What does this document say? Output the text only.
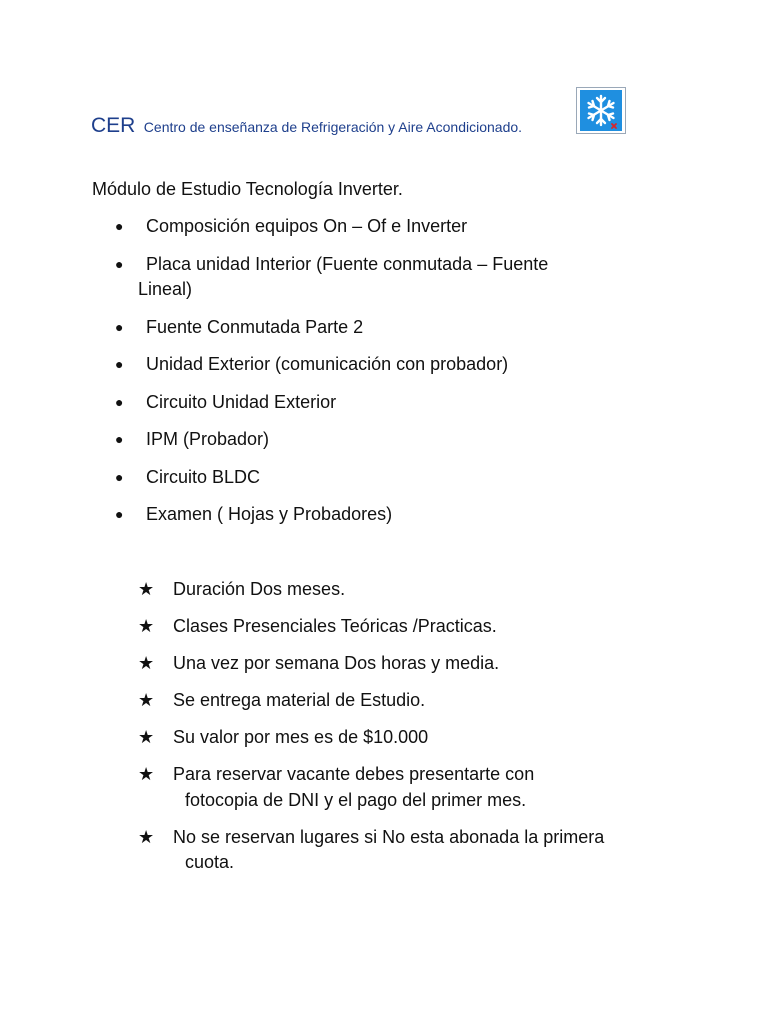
CER Centro de enseñanza de Refrigeración y Aire Acondicionado.
Módulo de Estudio Tecnología Inverter.
● Composición equipos On – Of e Inverter
● Placa unidad Interior (Fuente conmutada – Fuente
Lineal)
● Fuente Conmutada Parte 2
● Unidad Exterior (comunicación con probador)
● Circuito Unidad Exterior
● IPM (Probador)
● Circuito BLDC
● Examen ( Hojas y Probadores)
★ Duración Dos meses.
★ Clases Presenciales Teóricas /Practicas.
★ Una vez por semana Dos horas y media.
★ Se entrega material de Estudio.
★ Su valor por mes es de $10.000
★ Para reservar vacante debes presentarte con
fotocopia de DNI y el pago del primer mes.
★ No se reservan lugares si No esta abonada la primera
cuota.
